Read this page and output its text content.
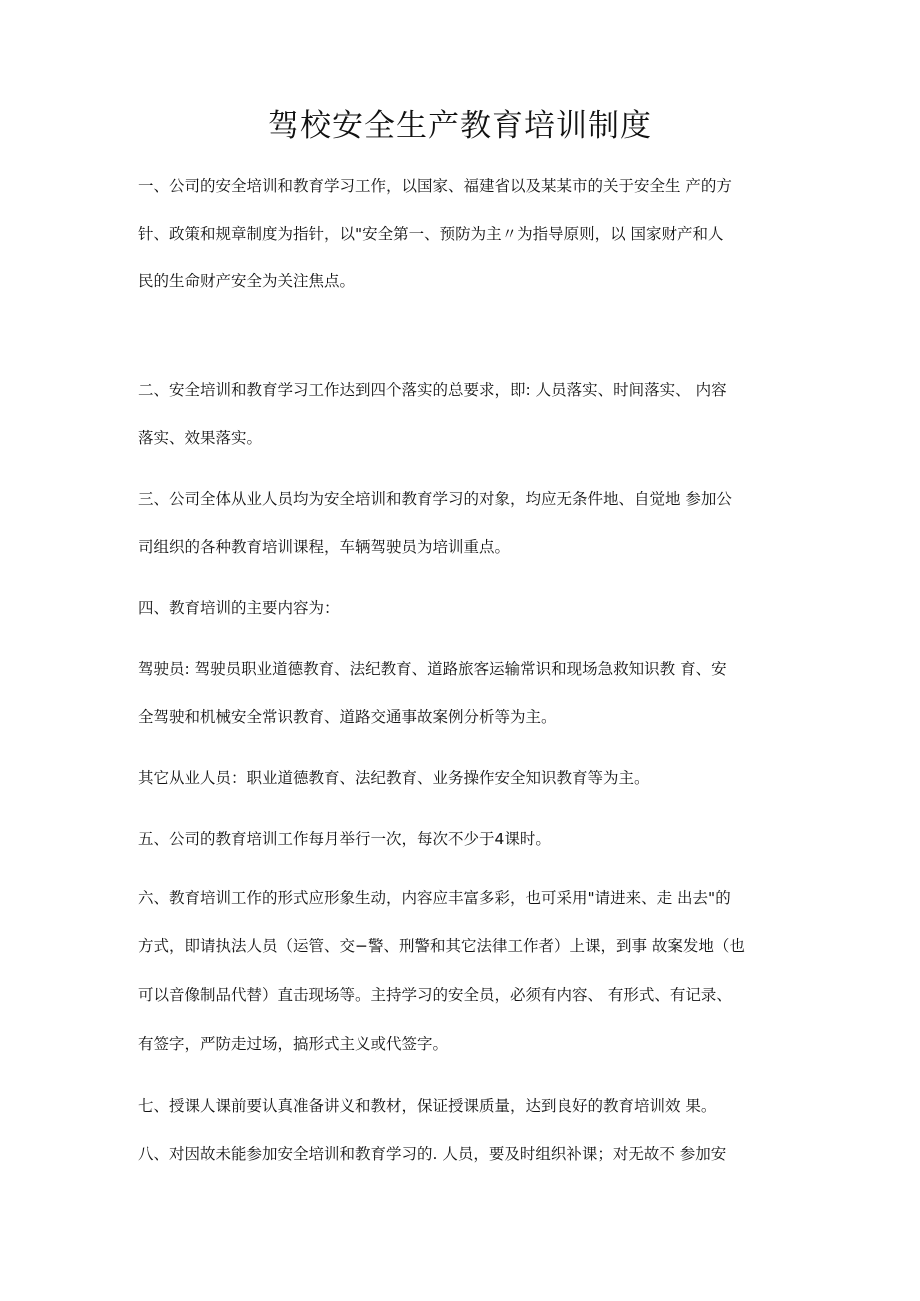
驾校安全生产教育培训制度

一、公司的安全培训和教育学习工作，以国家、福建省以及某某市的关于安全生 产的方

针、政策和规章制度为指针，以"安全第一、预防为主〃为指导原则，以 国家财产和人

民的生命财产安全为关注焦点。

二、安全培训和教育学习工作达到四个落实的总要求，即: 人员落实、时间落实、 内容

落实、效果落实。

三、公司全体从业人员均为安全培训和教育学习的对象，均应无条件地、自觉地 参加公

司组织的各种教育培训课程，车辆驾驶员为培训重点。

四、教育培训的主要内容为：

驾驶员: 驾驶员职业道德教育、法纪教育、道路旅客运输常识和现场急救知识教 育、安

全驾驶和机械安全常识教育、道路交通事故案例分析等为主。

其它从业人员：职业道德教育、法纪教育、业务操作安全知识教育等为主。

五、公司的教育培训工作每月举行一次，每次不少于4课时。

六、教育培训工作的形式应形象生动，内容应丰富多彩，也可采用"请进来、走 出去"的

方式，即请执法人员（运管、交−警、刑警和其它法律工作者）上课，到事 故案发地（也

可以音像制品代替）直击现场等。主持学习的安全员，必须有内容、 有形式、有记录、

有签字，严防走过场，搞形式主义或代签字。

七、授课人课前要认真准备讲义和教材，保证授课质量，达到良好的教育培训效 果。

八、对因故未能参加安全培训和教育学习的. 人员，要及时组织补课；对无故不 参加安
